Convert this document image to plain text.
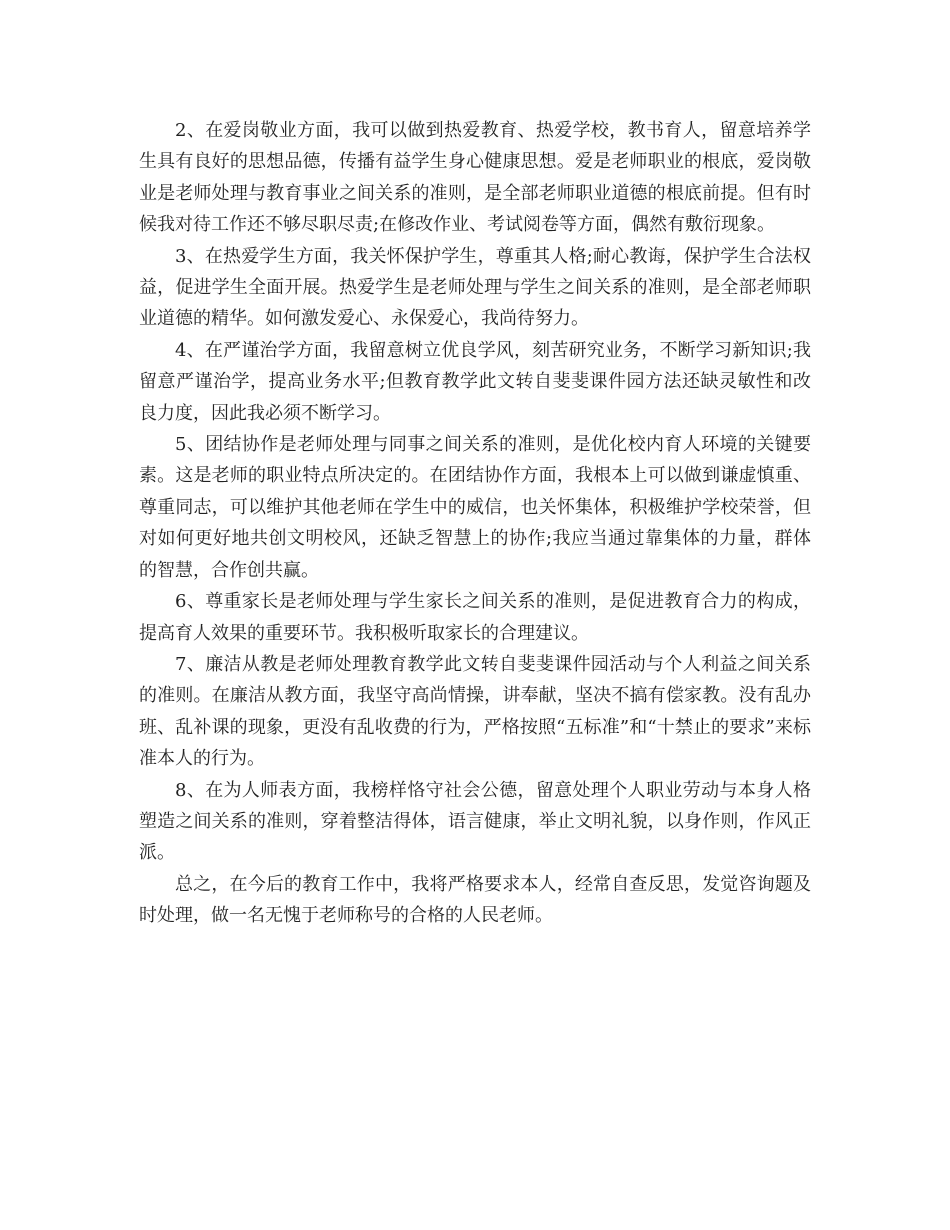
2、在爱岗敬业方面，我可以做到热爱教育、热爱学校，教书育人，留意培养学生具有良好的思想品德，传播有益学生身心健康思想。爱是老师职业的根底，爱岗敬业是老师处理与教育事业之间关系的准则，是全部老师职业道德的根底前提。但有时候我对待工作还不够尽职尽责;在修改作业、考试阅卷等方面，偶然有敷衍现象。

3、在热爱学生方面，我关怀保护学生，尊重其人格;耐心教诲，保护学生合法权益，促进学生全面开展。热爱学生是老师处理与学生之间关系的准则，是全部老师职业道德的精华。如何激发爱心、永保爱心，我尚待努力。

4、在严谨治学方面，我留意树立优良学风，刻苦研究业务，不断学习新知识;我留意严谨治学，提高业务水平;但教育教学此文转自斐斐课件园方法还缺灵敏性和改良力度，因此我必须不断学习。

5、团结协作是老师处理与同事之间关系的准则，是优化校内育人环境的关键要素。这是老师的职业特点所决定的。在团结协作方面，我根本上可以做到谦虚慎重、尊重同志，可以维护其他老师在学生中的威信，也关怀集体，积极维护学校荣誉，但对如何更好地共创文明校风，还缺乏智慧上的协作;我应当通过靠集体的力量，群体的智慧，合作创共赢。

6、尊重家长是老师处理与学生家长之间关系的准则，是促进教育合力的构成，提高育人效果的重要环节。我积极听取家长的合理建议。

7、廉洁从教是老师处理教育教学此文转自斐斐课件园活动与个人利益之间关系的准则。在廉洁从教方面，我坚守高尚情操，讲奉献，坚决不搞有偿家教。没有乱办班、乱补课的现象，更没有乱收费的行为，严格按照“五标准”和“十禁止的要求”来标准本人的行为。

8、在为人师表方面，我榜样恪守社会公德，留意处理个人职业劳动与本身人格塑造之间关系的准则，穿着整洁得体，语言健康，举止文明礼貌，以身作则，作风正派。

总之，在今后的教育工作中，我将严格要求本人，经常自查反思，发觉咨询题及时处理，做一名无愧于老师称号的合格的人民老师。
